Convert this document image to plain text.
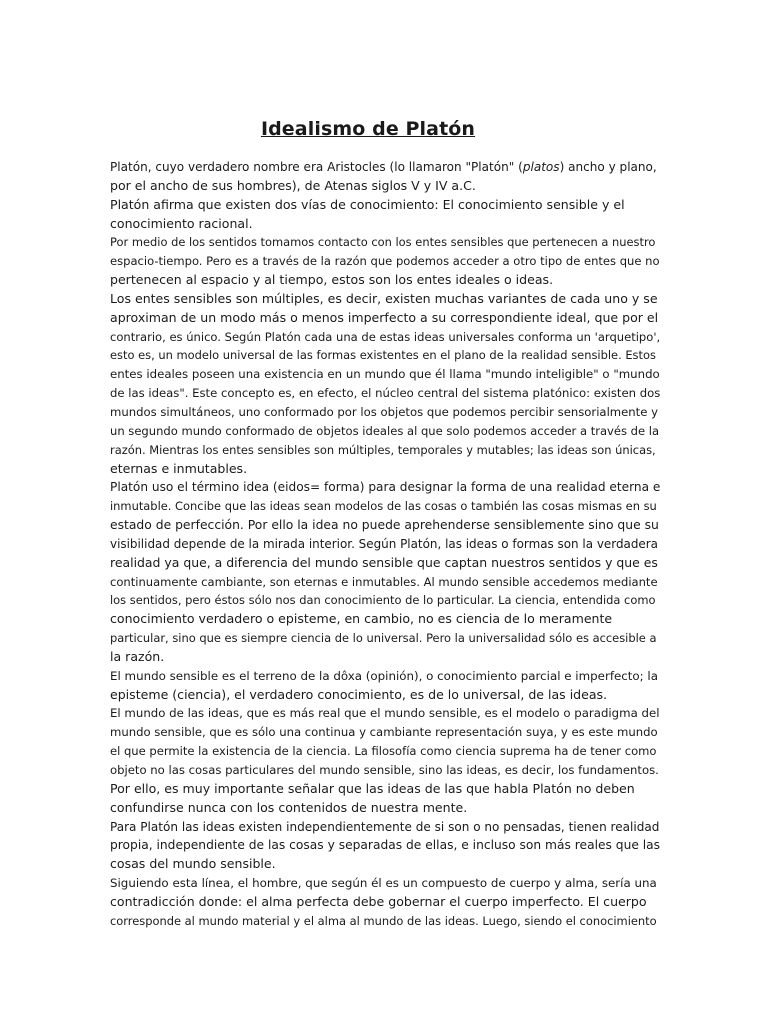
Idealismo de Platón
Platón, cuyo verdadero nombre era Aristocles (lo llamaron "Platón" (platos) ancho y plano,
por el ancho de sus hombres), de Atenas siglos V y IV a.C.
Platón afirma que existen dos vías de conocimiento: El conocimiento sensible y el
conocimiento racional.
Por medio de los sentidos tomamos contacto con los entes sensibles que pertenecen a nuestro
espacio-tiempo. Pero es a través de la razón que podemos acceder a otro tipo de entes que no
pertenecen al espacio y al tiempo, estos son los entes ideales o ideas.
Los entes sensibles son múltiples, es decir, existen muchas variantes de cada uno y se
aproximan de un modo más o menos imperfecto a su correspondiente ideal, que por el
contrario, es único. Según Platón cada una de estas ideas universales conforma un 'arquetipo',
esto es, un modelo universal de las formas existentes en el plano de la realidad sensible. Estos
entes ideales poseen una existencia en un mundo que él llama "mundo inteligible" o "mundo
de las ideas". Este concepto es, en efecto, el núcleo central del sistema platónico: existen dos
mundos simultáneos, uno conformado por los objetos que podemos percibir sensorialmente y
un segundo mundo conformado de objetos ideales al que solo podemos acceder a través de la
razón. Mientras los entes sensibles son múltiples, temporales y mutables; las ideas son únicas,
eternas e inmutables.
Platón uso el término idea (eidos= forma) para designar la forma de una realidad eterna e
inmutable. Concibe que las ideas sean modelos de las cosas o también las cosas mismas en su
estado de perfección. Por ello la idea no puede aprehenderse sensiblemente sino que su
visibilidad depende de la mirada interior. Según Platón, las ideas o formas son la verdadera
realidad ya que, a diferencia del mundo sensible que captan nuestros sentidos y que es
continuamente cambiante, son eternas e inmutables. Al mundo sensible accedemos mediante
los sentidos, pero éstos sólo nos dan conocimiento de lo particular. La ciencia, entendida como
conocimiento verdadero o episteme, en cambio, no es ciencia de lo meramente
particular, sino que es siempre ciencia de lo universal. Pero la universalidad sólo es accesible a
la razón.
El mundo sensible es el terreno de la dôxa (opinión), o conocimiento parcial e imperfecto; la
episteme (ciencia), el verdadero conocimiento, es de lo universal, de las ideas.
El mundo de las ideas, que es más real que el mundo sensible, es el modelo o paradigma del
mundo sensible, que es sólo una continua y cambiante representación suya, y es este mundo
el que permite la existencia de la ciencia. La filosofía como ciencia suprema ha de tener como
objeto no las cosas particulares del mundo sensible, sino las ideas, es decir, los fundamentos.
Por ello, es muy importante señalar que las ideas de las que habla Platón no deben
confundirse nunca con los contenidos de nuestra mente.
Para Platón las ideas existen independientemente de si son o no pensadas, tienen realidad
propia, independiente de las cosas y separadas de ellas, e incluso son más reales que las
cosas del mundo sensible.
Siguiendo esta línea, el hombre, que según él es un compuesto de cuerpo y alma, sería una
contradicción donde: el alma perfecta debe gobernar el cuerpo imperfecto. El cuerpo
corresponde al mundo material y el alma al mundo de las ideas. Luego, siendo el conocimiento
